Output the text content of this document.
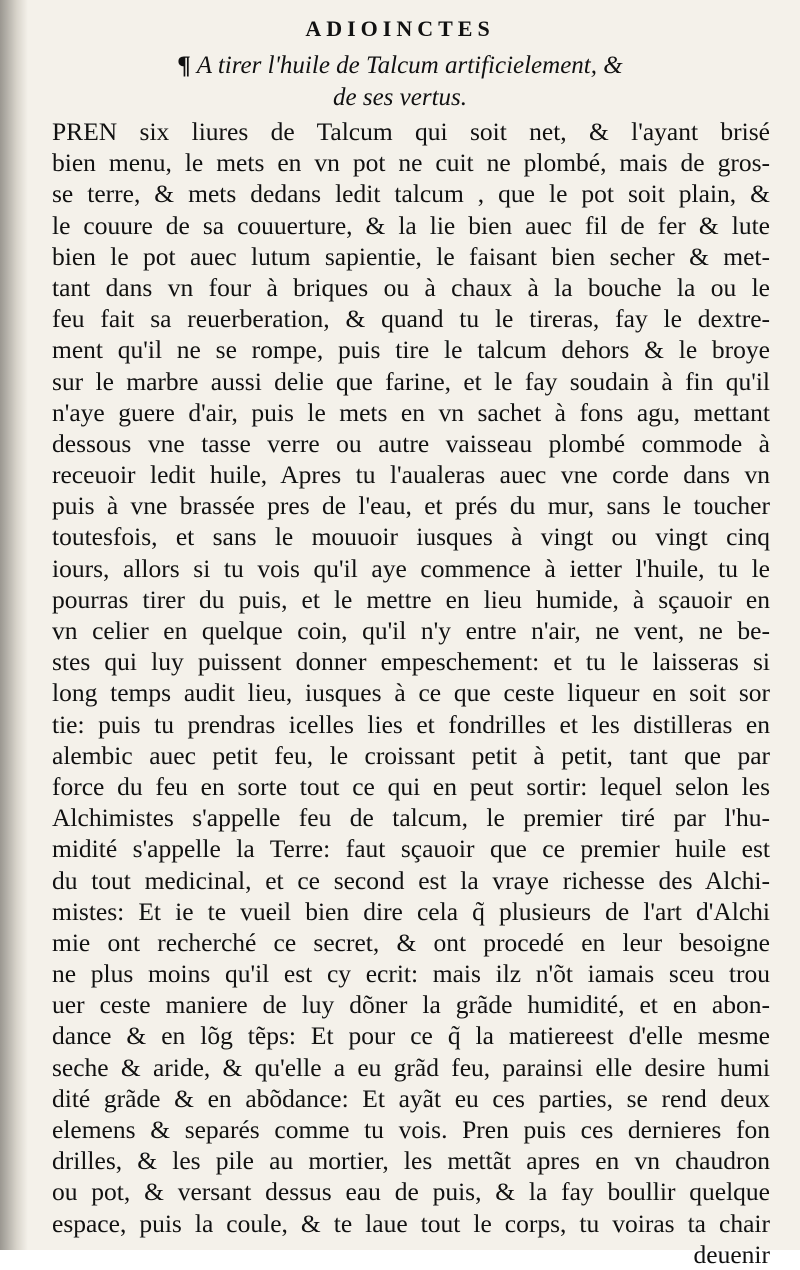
ADIOINCTES
¶ A tirer l'huile de Talcum artificielement, &
de ses vertus.
PREN six liures de Talcum qui soit net, & l'ayant brisé
bien menu, le mets en vn pot ne cuit ne plombé, mais de gros-
se terre, & mets dedans ledit talcum , que le pot soit plain, &
le couure de sa couuerture, & la lie bien auec fil de fer & lute
bien le pot auec lutum sapientie, le faisant bien secher & met-
tant dans vn four à briques ou à chaux à la bouche la ou le
feu fait sa reuerberation, & quand tu le tireras, fay le dextre-
ment qu'il ne se rompe, puis tire le talcum dehors & le broye
sur le marbre aussi delie que farine, et le fay soudain à fin qu'il
n'aye guere d'air, puis le mets en vn sachet à fons agu, mettant
dessous vne tasse verre ou autre vaisseau plombé commode à
receuoir ledit huile, Apres tu l'aualeras auec vne corde dans vn
puis à vne brassée pres de l'eau, et prés du mur, sans le toucher
toutesfois, et sans le mouuoir iusques à vingt ou vingt cinq
iours, allors si tu vois qu'il aye commence à ietter l'huile, tu le
pourras tirer du puis, et le mettre en lieu humide, à sçauoir en
vn celier en quelque coin, qu'il n'y entre n'air, ne vent, ne be-
stes qui luy puissent donner empeschement: et tu le laisseras si
long temps audit lieu, iusques à ce que ceste liqueur en soit sor
tie: puis tu prendras icelles lies et fondrilles et les distilleras en
alembic auec petit feu, le croissant petit à petit, tant que par
force du feu en sorte tout ce qui en peut sortir: lequel selon les
Alchimistes s'appelle feu de talcum, le premier tiré par l'hu-
midité s'appelle la Terre: faut sçauoir que ce premier huile est
du tout medicinal, et ce second est la vraye richesse des Alchi-
mistes: Et ie te vueil bien dire cela q̃ plusieurs de l'art d'Alchi
mie ont recherché ce secret, & ont procedé en leur besoigne
ne plus moins qu'il est cy ecrit: mais ilz n'õt iamais sceu trou
uer ceste maniere de luy dõner la grãde humidité, et en abon-
dance & en lõg tẽps: Et pour ce q̃ la matiereest d'elle mesme
seche & aride, & qu'elle a eu grãd feu, parainsi elle desire humi
dité grãde & en abõdance: Et ayãt eu ces parties, se rend deux
elemens & separés comme tu vois. Pren puis ces dernieres fon
drilles, & les pile au mortier, les mettãt apres en vn chaudron
ou pot, & versant dessus eau de puis, & la fay boullir quelque
espace, puis la coule, & te laue tout le corps, tu voiras ta chair
deuenir
